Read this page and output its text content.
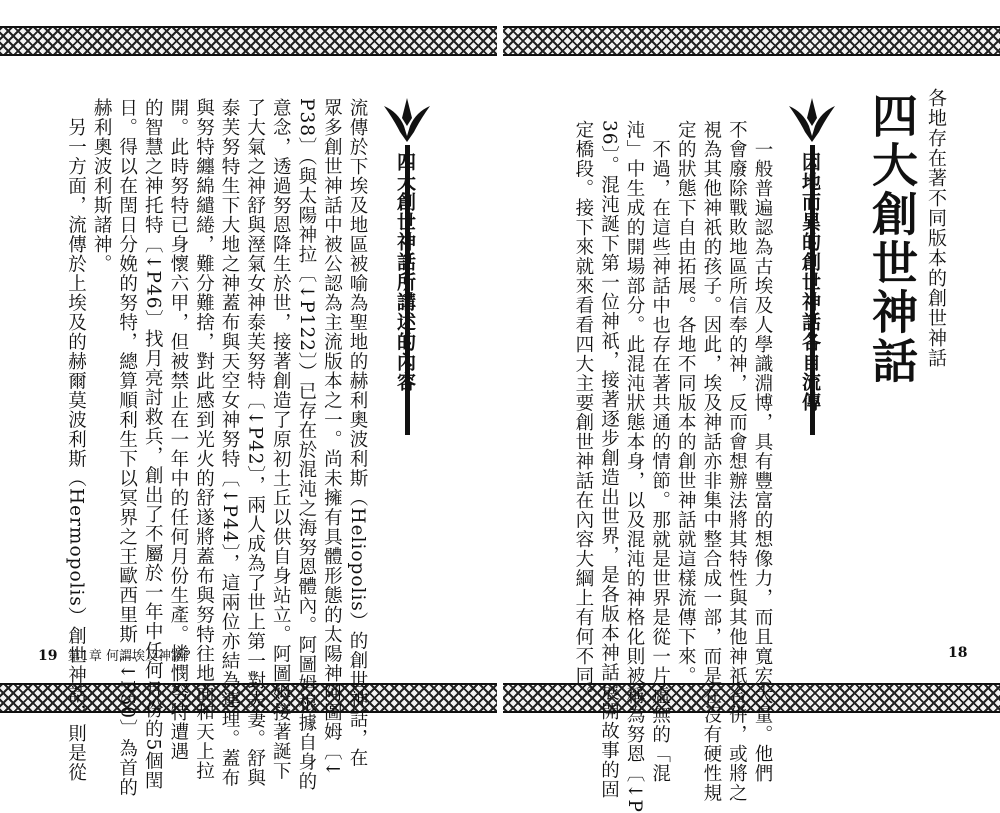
流傳於下埃及地區被喻為聖地的赫利奧波利斯（Heliopolis）的創世神話，在
眾多創世神話中被公認為主流版本之一。尚未擁有具體形態的太陽神阿圖姆〔↓
P38〕（與太陽神拉〔↓P122〕）已存在於混沌之海努恩體內。阿圖姆根據自身的
意念，透過努恩降生於世，接著創造了原初土丘以供自身站立。阿圖姆接著誕下
了大氣之神舒與溼氣女神泰芙努特〔↓P42〕，兩人成為了世上第一對夫妻。舒與
泰芙努特生下大地之神蓋布與天空女神努特〔↓P44〕，這兩位亦結為連理。蓋布
與努特纏綿繾綣，難分難捨，對此感到光火的舒遂將蓋布與努特往地面和天上拉
開。此時努特已身懷六甲，但被禁止在一年中的任何月份生產。憐憫努特遭遇
的智慧之神托特〔↓P46〕找月亮討救兵，創出了不屬於一年中任何月份的5個閏
日。得以在閏日分娩的努特，總算順利生下以冥界之王歐西里斯〔↓P50〕為首的
赫利奧波利斯諸神。
　另一方面，流傳於上埃及的赫爾莫波利斯（Hermopolis）創世神話，則是從	四大創世神話所講述的內容
19 第1章 何謂埃及神話？
各地存在著不同版本的創世神話
四大創世神話
因地而異的創世神話各自流傳
　一般普遍認為古埃及人學識淵博，具有豐富的想像力，而且寬宏大量。他們
不會廢除戰敗地區所信奉的神，反而會想辦法將其特性與其他神祇合併，或將之
視為其他神祇的孩子。因此，埃及神話亦非集中整合成一部，而是在沒有硬性規
定的狀態下自由拓展。各地不同版本的創世神話就這樣流傳下來。
　不過，在這些神話中也存在著共通的情節。那就是世界是從一片虛無的「混
沌」中生成的開場部分。此混沌狀態本身，以及混沌的神格化則被稱為努恩〔↓P
36〕。混沌誕下第一位神祇，接著逐步創造出世界，是各版本神話展開故事的固
定橋段。接下來就來看看四大主要創世神話在內容大綱上有何不同。	18
